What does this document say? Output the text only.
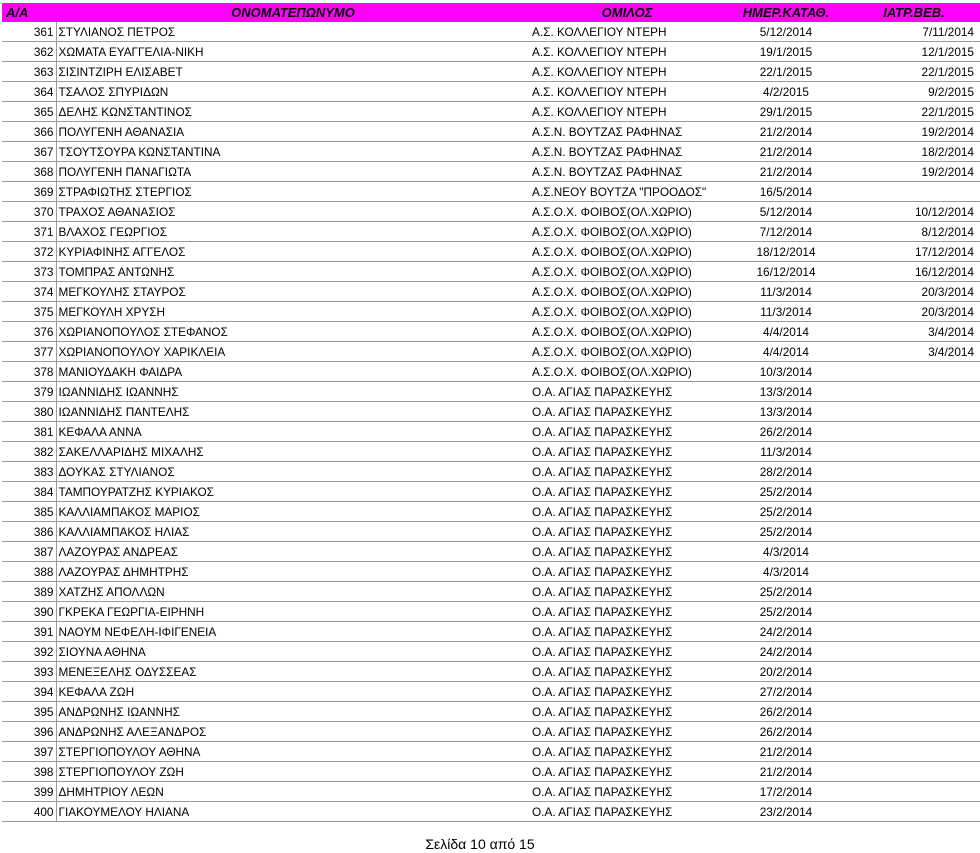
A/A	ΟΝΟΜΑΤΕΠΩΝΥΜΟ	ΟΜΙΛΟΣ	ΗΜΕΡ.ΚΑΤΑΘ.	ΙΑΤΡ.ΒΕΒ.
361	ΣΤΥΛΙΑΝΟΣ ΠΕΤΡΟΣ	Α.Σ. ΚΟΛΛΕΓΙΟΥ ΝΤΕΡΗ	5/12/2014	7/11/2014
362	ΧΩΜΑΤΑ ΕΥΑΓΓΕΛΙΑ-ΝΙΚΗ	Α.Σ. ΚΟΛΛΕΓΙΟΥ ΝΤΕΡΗ	19/1/2015	12/1/2015
363	ΣΙΣΙΝΤΖΙΡΗ ΕΛΙΣΑΒΕΤ	Α.Σ. ΚΟΛΛΕΓΙΟΥ ΝΤΕΡΗ	22/1/2015	22/1/2015
364	ΤΣΑΛΟΣ ΣΠΥΡΙΔΩΝ	Α.Σ. ΚΟΛΛΕΓΙΟΥ ΝΤΕΡΗ	4/2/2015	9/2/2015
365	ΔΕΛΗΣ ΚΩΝΣΤΑΝΤΙΝΟΣ	Α.Σ. ΚΟΛΛΕΓΙΟΥ ΝΤΕΡΗ	29/1/2015	22/1/2015
366	ΠΟΛΥΓΕΝΗ ΑΘΑΝΑΣΙΑ	Α.Σ.Ν. ΒΟΥΤΖΑΣ ΡΑΦΗΝΑΣ	21/2/2014	19/2/2014
367	ΤΣΟΥΤΣΟΥΡΑ ΚΩΝΣΤΑΝΤΙΝΑ	Α.Σ.Ν. ΒΟΥΤΖΑΣ ΡΑΦΗΝΑΣ	21/2/2014	18/2/2014
368	ΠΟΛΥΓΕΝΗ ΠΑΝΑΓΙΩΤΑ	Α.Σ.Ν. ΒΟΥΤΖΑΣ ΡΑΦΗΝΑΣ	21/2/2014	19/2/2014
369	ΣΤΡΑΦΙΩΤΗΣ ΣΤΕΡΓΙΟΣ	Α.Σ.ΝΕΟΥ ΒΟΥΤΖΑ "ΠΡΟΟΔΟΣ"	16/5/2014	
370	ΤΡΑΧΟΣ ΑΘΑΝΑΣΙΟΣ	Α.Σ.Ο.Χ. ΦΟΙΒΟΣ(ΟΛ.ΧΩΡΙΟ)	5/12/2014	10/12/2014
371	ΒΛΑΧΟΣ ΓΕΩΡΓΙΟΣ	Α.Σ.Ο.Χ. ΦΟΙΒΟΣ(ΟΛ.ΧΩΡΙΟ)	7/12/2014	8/12/2014
372	ΚΥΡΙΑΦΙΝΗΣ ΑΓΓΕΛΟΣ	Α.Σ.Ο.Χ. ΦΟΙΒΟΣ(ΟΛ.ΧΩΡΙΟ)	18/12/2014	17/12/2014
373	ΤΟΜΠΡΑΣ ΑΝΤΩΝΗΣ	Α.Σ.Ο.Χ. ΦΟΙΒΟΣ(ΟΛ.ΧΩΡΙΟ)	16/12/2014	16/12/2014
374	ΜΕΓΚΟΥΛΗΣ ΣΤΑΥΡΟΣ	Α.Σ.Ο.Χ. ΦΟΙΒΟΣ(ΟΛ.ΧΩΡΙΟ)	11/3/2014	20/3/2014
375	ΜΕΓΚΟΥΛΗ ΧΡΥΣΗ	Α.Σ.Ο.Χ. ΦΟΙΒΟΣ(ΟΛ.ΧΩΡΙΟ)	11/3/2014	20/3/2014
376	ΧΩΡΙΑΝΟΠΟΥΛΟΣ ΣΤΕΦΑΝΟΣ	Α.Σ.Ο.Χ. ΦΟΙΒΟΣ(ΟΛ.ΧΩΡΙΟ)	4/4/2014	3/4/2014
377	ΧΩΡΙΑΝΟΠΟΥΛΟΥ ΧΑΡΙΚΛΕΙΑ	Α.Σ.Ο.Χ. ΦΟΙΒΟΣ(ΟΛ.ΧΩΡΙΟ)	4/4/2014	3/4/2014
378	ΜΑΝΙΟΥΔΑΚΗ ΦΑΙΔΡΑ	Α.Σ.Ο.Χ. ΦΟΙΒΟΣ(ΟΛ.ΧΩΡΙΟ)	10/3/2014	
379	ΙΩΑΝΝΙΔΗΣ ΙΩΑΝΝΗΣ	Ο.Α. ΑΓΙΑΣ ΠΑΡΑΣΚΕΥΗΣ	13/3/2014	
380	ΙΩΑΝΝΙΔΗΣ ΠΑΝΤΕΛΗΣ	Ο.Α. ΑΓΙΑΣ ΠΑΡΑΣΚΕΥΗΣ	13/3/2014	
381	ΚΕΦΑΛΑ ΑΝΝΑ	Ο.Α. ΑΓΙΑΣ ΠΑΡΑΣΚΕΥΗΣ	26/2/2014	
382	ΣΑΚΕΛΛΑΡΙΔΗΣ ΜΙΧΑΛΗΣ	Ο.Α. ΑΓΙΑΣ ΠΑΡΑΣΚΕΥΗΣ	11/3/2014	
383	ΔΟΥΚΑΣ ΣΤΥΛΙΑΝΟΣ	Ο.Α. ΑΓΙΑΣ ΠΑΡΑΣΚΕΥΗΣ	28/2/2014	
384	ΤΑΜΠΟΥΡΑΤΖΗΣ ΚΥΡΙΑΚΟΣ	Ο.Α. ΑΓΙΑΣ ΠΑΡΑΣΚΕΥΗΣ	25/2/2014	
385	ΚΑΛΛΙΑΜΠΑΚΟΣ ΜΑΡΙΟΣ	Ο.Α. ΑΓΙΑΣ ΠΑΡΑΣΚΕΥΗΣ	25/2/2014	
386	ΚΑΛΛΙΑΜΠΑΚΟΣ ΗΛΙΑΣ	Ο.Α. ΑΓΙΑΣ ΠΑΡΑΣΚΕΥΗΣ	25/2/2014	
387	ΛΑΖΟΥΡΑΣ ΑΝΔΡΕΑΣ	Ο.Α. ΑΓΙΑΣ ΠΑΡΑΣΚΕΥΗΣ	4/3/2014	
388	ΛΑΖΟΥΡΑΣ ΔΗΜΗΤΡΗΣ	Ο.Α. ΑΓΙΑΣ ΠΑΡΑΣΚΕΥΗΣ	4/3/2014	
389	ΧΑΤΖΗΣ ΑΠΟΛΛΩΝ	Ο.Α. ΑΓΙΑΣ ΠΑΡΑΣΚΕΥΗΣ	25/2/2014	
390	ΓΚΡΕΚΑ ΓΕΩΡΓΙΑ-ΕΙΡΗΝΗ	Ο.Α. ΑΓΙΑΣ ΠΑΡΑΣΚΕΥΗΣ	25/2/2014	
391	ΝΑΟΥΜ ΝΕΦΕΛΗ-ΙΦΙΓΕΝΕΙΑ	Ο.Α. ΑΓΙΑΣ ΠΑΡΑΣΚΕΥΗΣ	24/2/2014	
392	ΣΙΟΥΝΑ ΑΘΗΝΑ	Ο.Α. ΑΓΙΑΣ ΠΑΡΑΣΚΕΥΗΣ	24/2/2014	
393	ΜΕΝΕΞΕΛΗΣ ΟΔΥΣΣΕΑΣ	Ο.Α. ΑΓΙΑΣ ΠΑΡΑΣΚΕΥΗΣ	20/2/2014	
394	ΚΕΦΑΛΑ ΖΩΗ	Ο.Α. ΑΓΙΑΣ ΠΑΡΑΣΚΕΥΗΣ	27/2/2014	
395	ΑΝΔΡΩΝΗΣ ΙΩΑΝΝΗΣ	Ο.Α. ΑΓΙΑΣ ΠΑΡΑΣΚΕΥΗΣ	26/2/2014	
396	ΑΝΔΡΩΝΗΣ ΑΛΕΞΑΝΔΡΟΣ	Ο.Α. ΑΓΙΑΣ ΠΑΡΑΣΚΕΥΗΣ	26/2/2014	
397	ΣΤΕΡΓΙΟΠΟΥΛΟΥ ΑΘΗΝΑ	Ο.Α. ΑΓΙΑΣ ΠΑΡΑΣΚΕΥΗΣ	21/2/2014	
398	ΣΤΕΡΓΙΟΠΟΥΛΟΥ ΖΩΗ	Ο.Α. ΑΓΙΑΣ ΠΑΡΑΣΚΕΥΗΣ	21/2/2014	
399	ΔΗΜΗΤΡΙΟΥ ΛΕΩΝ	Ο.Α. ΑΓΙΑΣ ΠΑΡΑΣΚΕΥΗΣ	17/2/2014	
400	ΓΙΑΚΟΥΜΕΛΟΥ ΗΛΙΑΝΑ	Ο.Α. ΑΓΙΑΣ ΠΑΡΑΣΚΕΥΗΣ	23/2/2014	
Σελίδα 10 από 15
